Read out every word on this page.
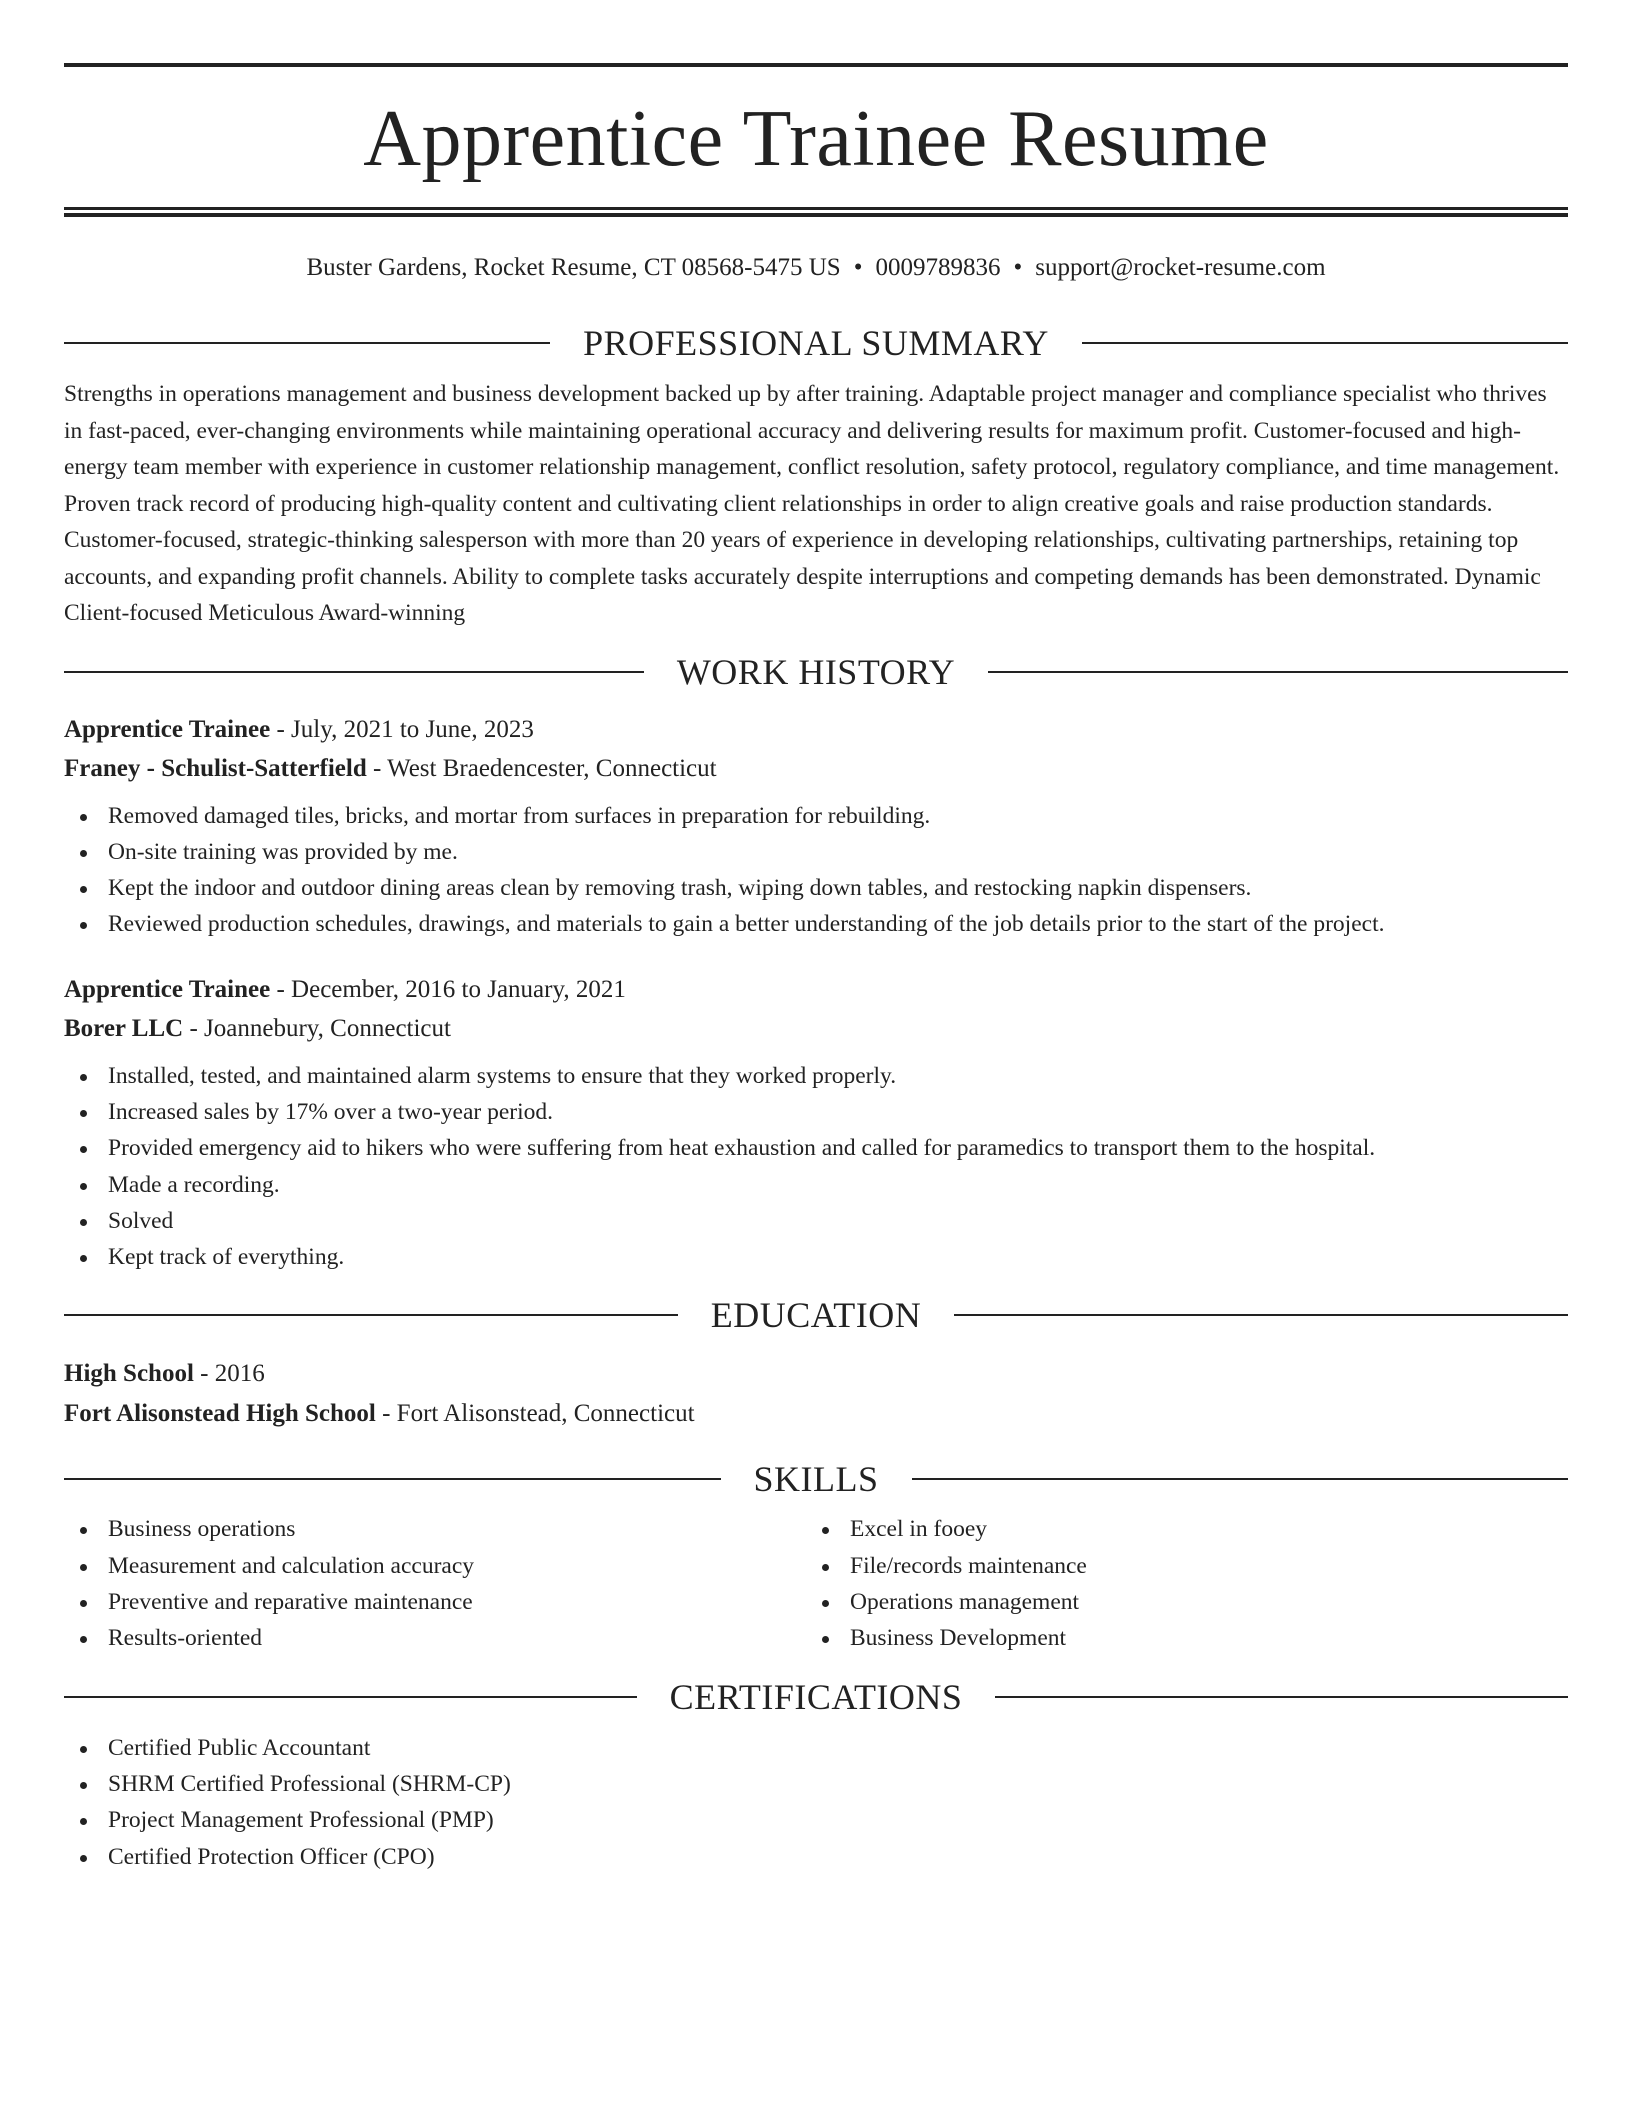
Apprentice Trainee Resume
Buster Gardens, Rocket Resume, CT 08568-5475 US • 0009789836 • support@rocket-resume.com
PROFESSIONAL SUMMARY

Strengths in operations management and business development backed up by after training. Adaptable project manager and compliance specialist who thrives in fast-paced, ever-changing environments while maintaining operational accuracy and delivering results for maximum profit. Customer-focused and high-energy team member with experience in customer relationship management, conflict resolution, safety protocol, regulatory compliance, and time management. Proven track record of producing high-quality content and cultivating client relationships in order to align creative goals and raise production standards. Customer-focused, strategic-thinking salesperson with more than 20 years of experience in developing relationships, cultivating partnerships, retaining top accounts, and expanding profit channels. Ability to complete tasks accurately despite interruptions and competing demands has been demonstrated. Dynamic Client-focused Meticulous Award-winning

WORK HISTORY
Apprentice Trainee - July, 2021 to June, 2023
Franey - Schulist-Satterfield - West Braedencester, Connecticut
Removed damaged tiles, bricks, and mortar from surfaces in preparation for rebuilding.
On-site training was provided by me.
Kept the indoor and outdoor dining areas clean by removing trash, wiping down tables, and restocking napkin dispensers.
Reviewed production schedules, drawings, and materials to gain a better understanding of the job details prior to the start of the project.
Apprentice Trainee - December, 2016 to January, 2021
Borer LLC - Joannebury, Connecticut
Installed, tested, and maintained alarm systems to ensure that they worked properly.
Increased sales by 17% over a two-year period.
Provided emergency aid to hikers who were suffering from heat exhaustion and called for paramedics to transport them to the hospital.
Made a recording.
Solved
Kept track of everything.
EDUCATION
High School - 2016
Fort Alisonstead High School - Fort Alisonstead, Connecticut
SKILLS
Business operations
Measurement and calculation accuracy
Preventive and reparative maintenance
Results-oriented
Excel in fooey
File/records maintenance
Operations management
Business Development
CERTIFICATIONS
Certified Public Accountant
SHRM Certified Professional (SHRM-CP)
Project Management Professional (PMP)
Certified Protection Officer (CPO)
